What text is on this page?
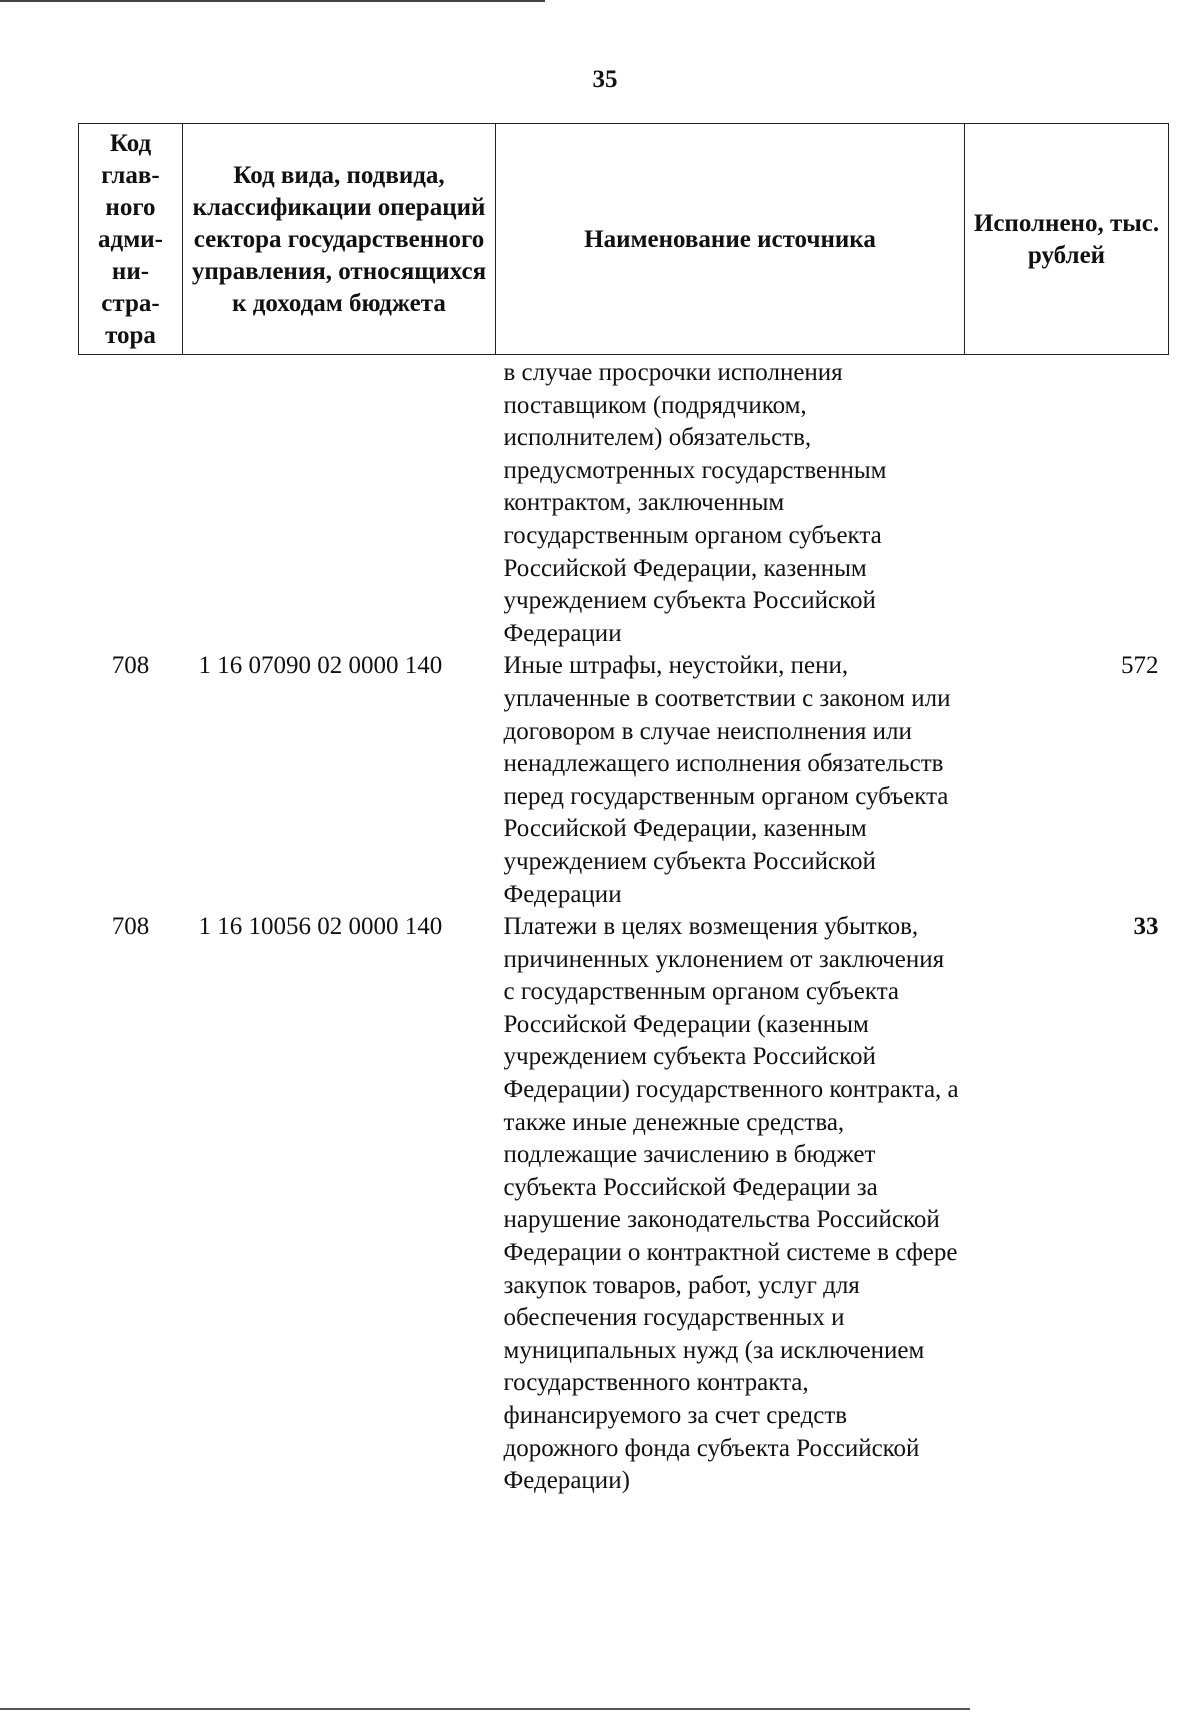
35
Код глав-ного адми-ни-стра-тора	Код вида, подвида, классификации операций сектора государственного управления, относящихся к доходам бюджета	Наименование источника	Исполнено, тыс. рублей
		в случае просрочки исполнения поставщиком (подрядчиком, исполнителем) обязательств, предусмотренных государственным контрактом, заключенным государственным органом субъекта Российской Федерации, казенным учреждением субъекта Российской Федерации	
708	1 16 07090 02 0000 140	Иные штрафы, неустойки, пени, уплаченные в соответствии с законом или договором в случае неисполнения или ненадлежащего исполнения обязательств перед государственным органом субъекта Российской Федерации, казенным учреждением субъекта Российской Федерации	572
708	1 16 10056 02 0000 140	Платежи в целях возмещения убытков, причиненных уклонением от заключения с государственным органом субъекта Российской Федерации (казенным учреждением субъекта Российской Федерации) государственного контракта, а также иные денежные средства, подлежащие зачислению в бюджет субъекта Российской Федерации за нарушение законодательства Российской Федерации о контрактной системе в сфере закупок товаров, работ, услуг для обеспечения государственных и муниципальных нужд (за исключением государственного контракта, финансируемого за счет средств дорожного фонда субъекта Российской Федерации)	33
